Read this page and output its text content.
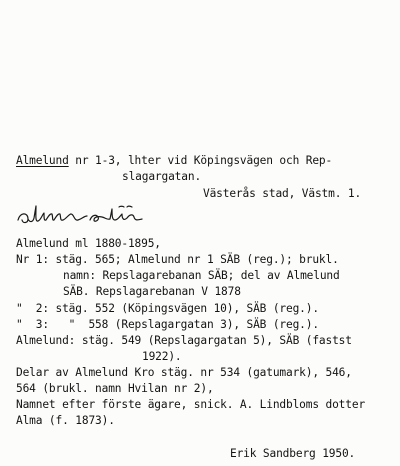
Almelund nr 1-3, lhter vid Köpingsvägen och Rep-
slagargatan.
Västerås stad, Västm. 1.
Almelund ml 1880-1895,
Nr 1: stäg. 565; Almelund nr 1 SÄB (reg.); brukl.
namn: Repslagarebanan SÄB; del av Almelund
SÄB. Repslagarebanan V 1878
"  2: stäg. 552 (Köpingsvägen 10), SÄB (reg.).
"  3:   "  558 (Repslagargatan 3), SÄB (reg.).
Almelund: stäg. 549 (Repslagargatan 5), SÄB (fastst
1922).
Delar av Almelund Kro stäg. nr 534 (gatumark), 546,
564 (brukl. namn Hvilan nr 2),
Namnet efter förste ägare, snick. A. Lindbloms dotter
Alma (f. 1873).
Erik Sandberg 1950.
